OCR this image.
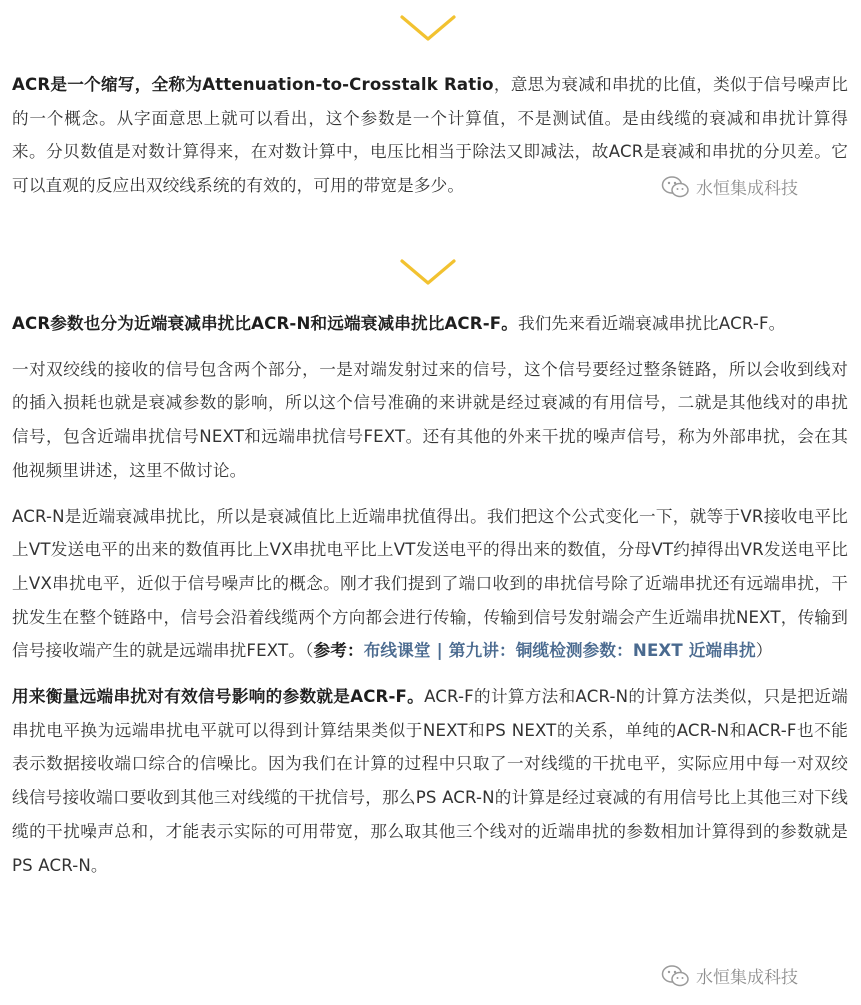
ACR是一个缩写，全称为Attenuation-to-Crosstalk Ratio，意思为衰减和串扰的比值，类似于信号噪声比的一个概念。从字面意思上就可以看出，这个参数是一个计算值，不是测试值。是由线缆的衰减和串扰计算得来。分贝数值是对数计算得来，在对数计算中，电压比相当于除法又即减法，故ACR是衰减和串扰的分贝差。它可以直观的反应出双绞线系统的有效的，可用的带宽是多少。	水恒集成科技

ACR参数也分为近端衰减串扰比ACR-N和远端衰减串扰比ACR-F。我们先来看近端衰减串扰比ACR-F。

一对双绞线的接收的信号包含两个部分，一是对端发射过来的信号，这个信号要经过整条链路，所以会收到线对的插入损耗也就是衰减参数的影响，所以这个信号准确的来讲就是经过衰减的有用信号，二就是其他线对的串扰信号，包含近端串扰信号NEXT和远端串扰信号FEXT。还有其他的外来干扰的噪声信号，称为外部串扰，会在其他视频里讲述，这里不做讨论。

ACR-N是近端衰减串扰比，所以是衰减值比上近端串扰值得出。我们把这个公式变化一下，就等于VR接收电平比上VT发送电平的出来的数值再比上VX串扰电平比上VT发送电平的得出来的数值，分母VT约掉得出VR发送电平比上VX串扰电平，近似于信号噪声比的概念。刚才我们提到了端口收到的串扰信号除了近端串扰还有远端串扰，干扰发生在整个链路中，信号会沿着线缆两个方向都会进行传输，传输到信号发射端会产生近端串扰NEXT，传输到信号接收端产生的就是远端串扰FEXT。（参考：布线课堂 | 第九讲：铜缆检测参数：NEXT 近端串扰）

用来衡量远端串扰对有效信号影响的参数就是ACR-F。ACR-F的计算方法和ACR-N的计算方法类似，只是把近端串扰电平换为远端串扰电平就可以得到计算结果类似于NEXT和PS NEXT的关系，单纯的ACR-N和ACR-F也不能表示数据接收端口综合的信噪比。因为我们在计算的过程中只取了一对线缆的干扰电平，实际应用中每一对双绞线信号接收端口要收到其他三对线缆的干扰信号，那么PS ACR-N的计算是经过衰减的有用信号比上其他三对下线缆的干扰噪声总和，才能表示实际的可用带宽，那么取其他三个线对的近端串扰的参数相加计算得到的参数就是PS ACR-N。

水恒集成科技
